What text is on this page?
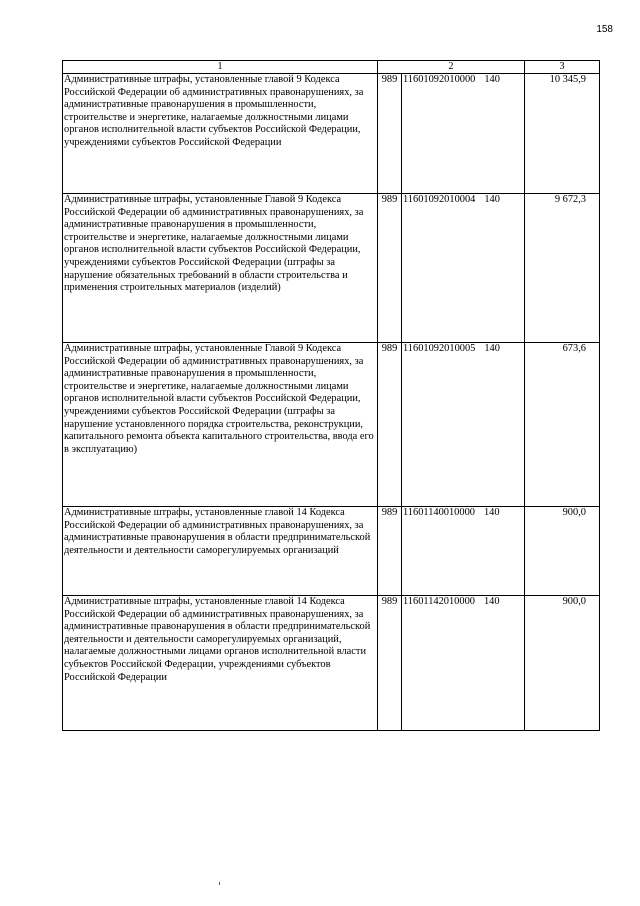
158
1	2		3
Административные штрафы, установленные главой 9 Кодекса Российской Федерации об административных правонарушениях, за административные правонарушения в промышленности, строительстве и энергетике, налагаемые должностными лицами органов исполнительной власти субъектов Российской Федерации, учреждениями субъектов Российской Федерации	989	11601092010000 140	10 345,9
Административные штрафы, установленные Главой 9 Кодекса Российской Федерации об административных правонарушениях, за административные правонарушения в промышленности, строительстве и энергетике, налагаемые должностными лицами органов исполнительной власти субъектов Российской Федерации, учреждениями субъектов Российской Федерации (штрафы за нарушение обязательных требований в области строительства и применения строительных материалов (изделий)	989	11601092010004 140	9 672,3
Административные штрафы, установленные Главой 9 Кодекса Российской Федерации об административных правонарушениях, за административные правонарушения в промышленности, строительстве и энергетике, налагаемые должностными лицами органов исполнительной власти субъектов Российской Федерации, учреждениями субъектов Российской Федерации (штрафы за нарушение установленного порядка строительства, реконструкции, капитального ремонта объекта капитального строительства, ввода его в эксплуатацию)	989	11601092010005 140	673,6
Административные штрафы, установленные главой 14 Кодекса Российской Федерации об административных правонарушениях, за административные правонарушения в области предпринимательской деятельности и деятельности саморегулируемых организаций	989	11601140010000 140	900,0
Административные штрафы, установленные главой 14 Кодекса Российской Федерации об административных правонарушениях, за административные правонарушения в области предпринимательской деятельности и деятельности саморегулируемых организаций, налагаемые должностными лицами органов исполнительной власти субъектов Российской Федерации, учреждениями субъектов Российской Федерации	989	11601142010000 140	900,0
